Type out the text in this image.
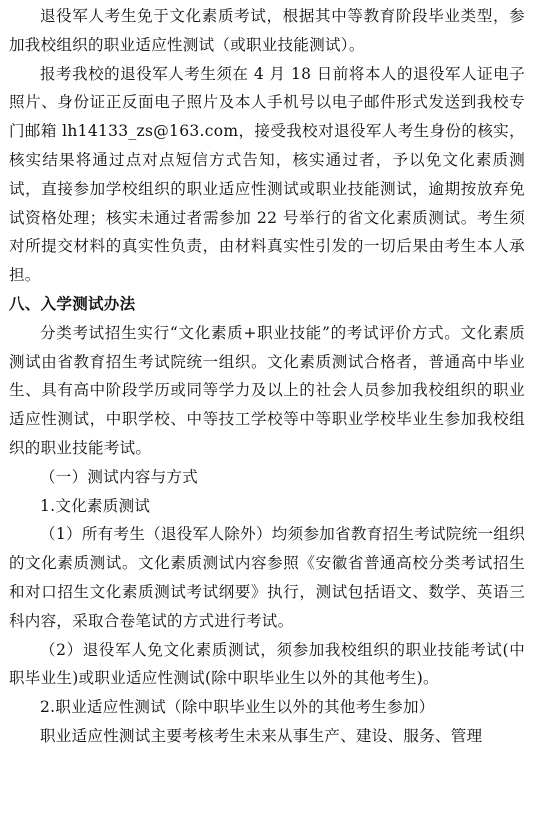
退役军人考生免于文化素质考试，根据其中等教育阶段毕业类型，参加我校组织的职业适应性测试（或职业技能测试）。

报考我校的退役军人考生须在 4 月 18 日前将本人的退役军人证电子照片、身份证正反面电子照片及本人手机号以电子邮件形式发送到我校专门邮箱 lh14133_zs@163.com，接受我校对退役军人考生身份的核实，核实结果将通过点对点短信方式告知，核实通过者，予以免文化素质测试，直接参加学校组织的职业适应性测试或职业技能测试，逾期按放弃免试资格处理；核实未通过者需参加 22 号举行的省文化素质测试。考生须对所提交材料的真实性负责，由材料真实性引发的一切后果由考生本人承担。

八、入学测试办法

分类考试招生实行“文化素质+职业技能”的考试评价方式。文化素质测试由省教育招生考试院统一组织。文化素质测试合格者，普通高中毕业生、具有高中阶段学历或同等学力及以上的社会人员参加我校组织的职业适应性测试，中职学校、中等技工学校等中等职业学校毕业生参加我校组织的职业技能考试。

（一）测试内容与方式

1.文化素质测试

（1）所有考生（退役军人除外）均须参加省教育招生考试院统一组织的文化素质测试。文化素质测试内容参照《安徽省普通高校分类考试招生和对口招生文化素质测试考试纲要》执行，测试包括语文、数学、英语三科内容，采取合卷笔试的方式进行考试。

（2）退役军人免文化素质测试，须参加我校组织的职业技能考试(中职毕业生)或职业适应性测试(除中职毕业生以外的其他考生)。

2.职业适应性测试（除中职毕业生以外的其他考生参加）

职业适应性测试主要考核考生未来从事生产、建设、服务、管理
